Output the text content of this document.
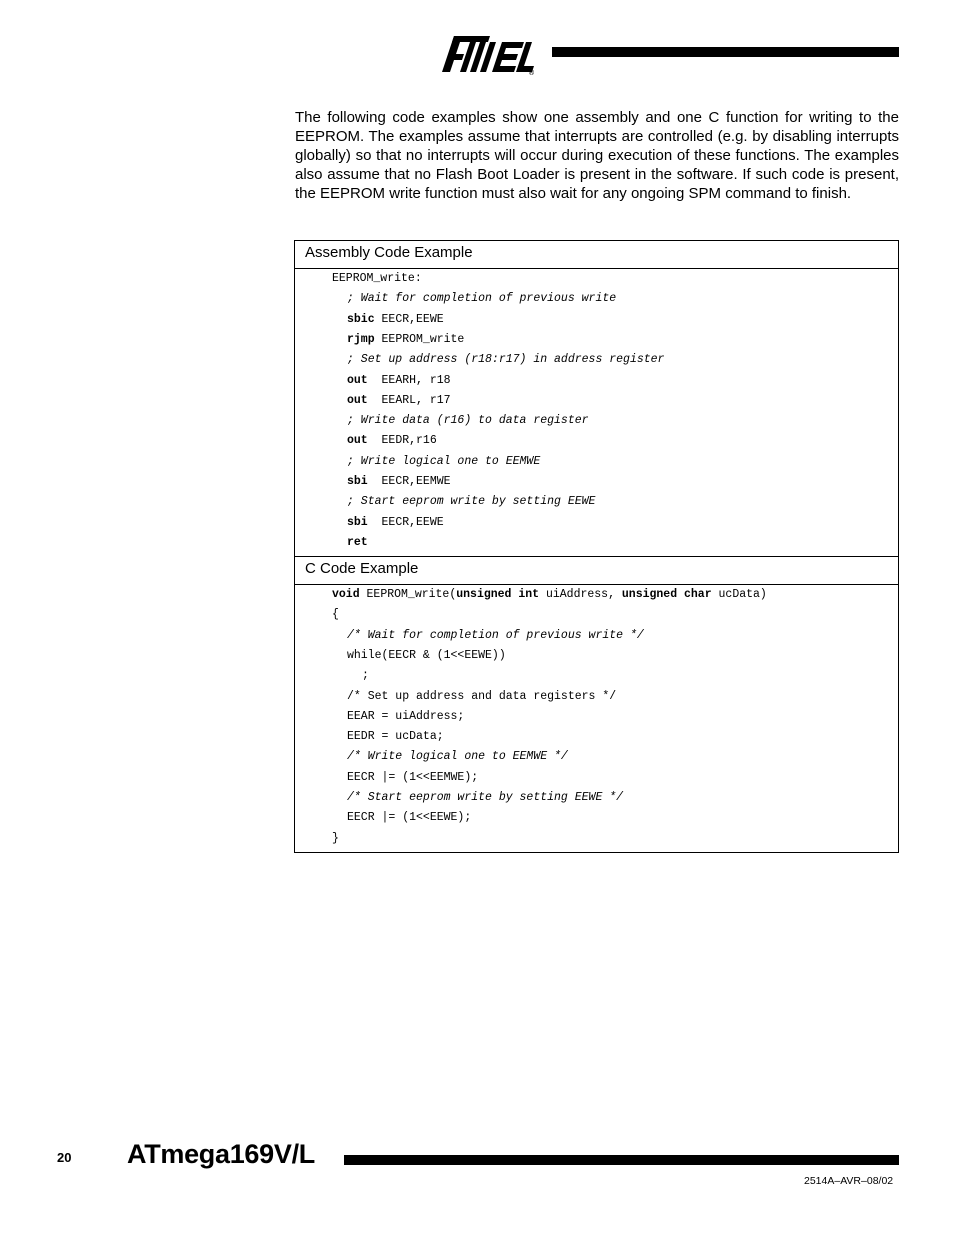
®

The following code examples show one assembly and one C function for writing to the EEPROM. The examples assume that interrupts are controlled (e.g. by disabling interrupts globally) so that no interrupts will occur during execution of these functions. The examples also assume that no Flash Boot Loader is present in the software. If such code is present, the EEPROM write function must also wait for any ongoing SPM command to finish.

Assembly Code Example
EEPROM_write:
; Wait for completion of previous write
sbic EECR,EEWE
rjmp EEPROM_write
; Set up address (r18:r17) in address register
out  EEARH, r18
out  EEARL, r17
; Write data (r16) to data register
out  EEDR,r16
; Write logical one to EEMWE
sbi  EECR,EEMWE
; Start eeprom write by setting EEWE
sbi  EECR,EEWE
ret
C Code Example
void EEPROM_write(unsigned int uiAddress, unsigned char ucData)
{
/* Wait for completion of previous write */
while(EECR & (1<<EEWE))
;
/* Set up address and data registers */
EEAR = uiAddress;
EEDR = ucData;
/* Write logical one to EEMWE */
EECR |= (1<<EEMWE);
/* Start eeprom write by setting EEWE */
EECR |= (1<<EEWE);
}
20 ATmega169V/L
2514A–AVR–08/02
